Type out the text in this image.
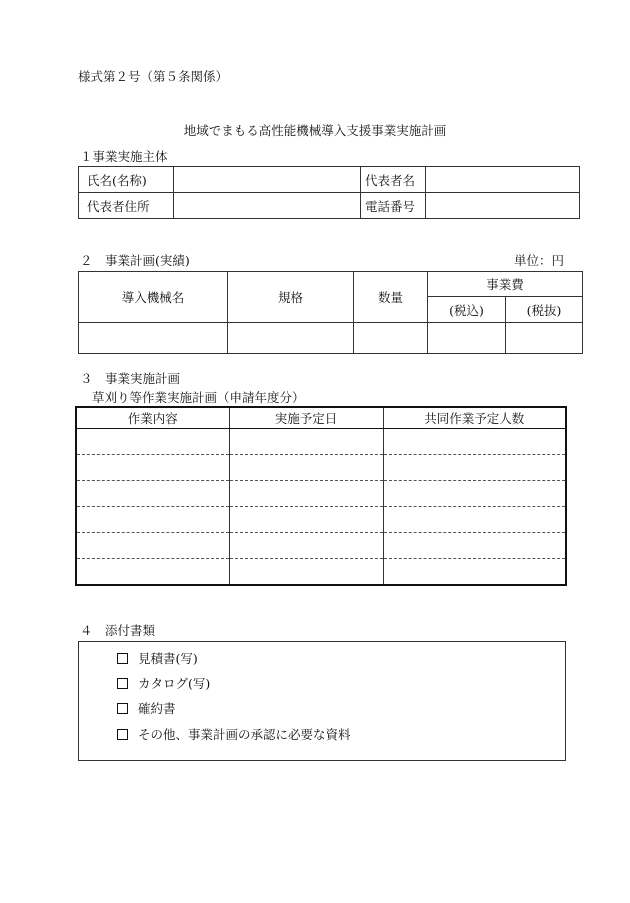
様式第２号（第５条関係）
地域でまもる高性能機械導入支援事業実施計画
１事業実施主体
氏名(名称)		代表者名	
代表者住所		電話番号	
２　事業計画(実績)	単位：円
導入機械名	規格	数量	事業費	
			(税込)	(税抜)

３　事業実施計画
草刈り等作業実施計画（申請年度分）
作業内容	実施予定日	共同作業予定人数

４　添付書類
見積書(写)
カタログ(写)
確約書
その他、事業計画の承認に必要な資料
